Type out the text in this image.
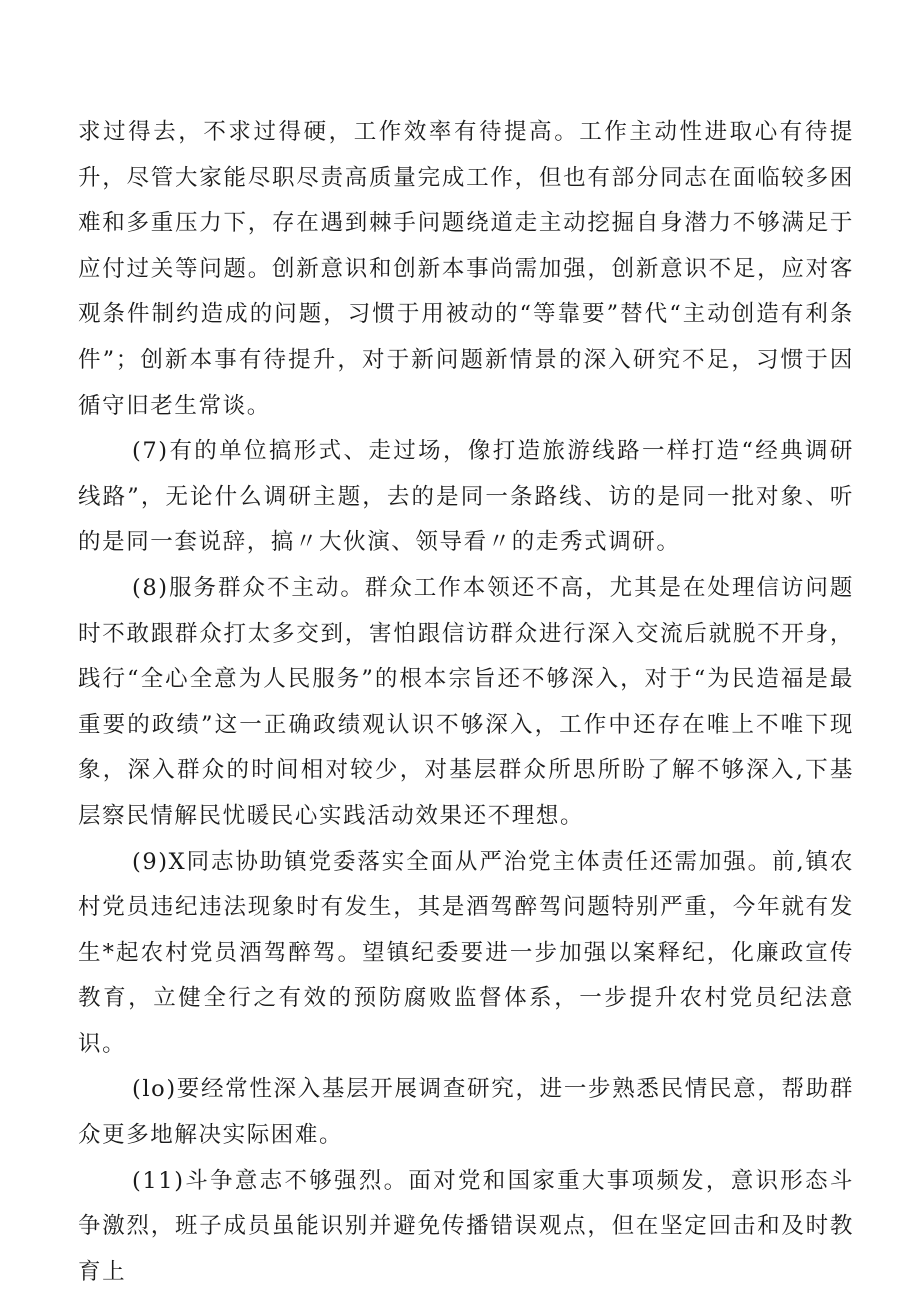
求过得去，不求过得硬，工作效率有待提高。工作主动性进取心有待提升，尽管大家能尽职尽责高质量完成工作，但也有部分同志在面临较多困难和多重压力下，存在遇到棘手问题绕道走主动挖掘自身潜力不够满足于应付过关等问题。创新意识和创新本事尚需加强，创新意识不足，应对客观条件制约造成的问题，习惯于用被动的“等靠要”替代“主动创造有利条件”；创新本事有待提升，对于新问题新情景的深入研究不足，习惯于因循守旧老生常谈。

(7)有的单位搞形式、走过场，像打造旅游线路一样打造“经典调研线路”，无论什么调研主题，去的是同一条路线、访的是同一批对象、听的是同一套说辞，搞〃大伙演、领导看〃的走秀式调研。

(8)服务群众不主动。群众工作本领还不高，尤其是在处理信访问题时不敢跟群众打太多交到，害怕跟信访群众进行深入交流后就脱不开身，践行“全心全意为人民服务”的根本宗旨还不够深入，对于“为民造福是最重要的政绩”这一正确政绩观认识不够深入，工作中还存在唯上不唯下现象，深入群众的时间相对较少，对基层群众所思所盼了解不够深入,下基层察民情解民忧暖民心实践活动效果还不理想。

(9)X同志协助镇党委落实全面从严治党主体责任还需加强。前,镇农村党员违纪违法现象时有发生，其是酒驾醉驾问题特别严重，今年就有发生*起农村党员酒驾醉驾。望镇纪委要进一步加强以案释纪，化廉政宣传教育，立健全行之有效的预防腐败监督体系，一步提升农村党员纪法意识。

(lo)要经常性深入基层开展调查研究，进一步熟悉民情民意，帮助群众更多地解决实际困难。

(11)斗争意志不够强烈。面对党和国家重大事项频发，意识形态斗争激烈，班子成员虽能识别并避免传播错误观点，但在坚定回击和及时教育上
